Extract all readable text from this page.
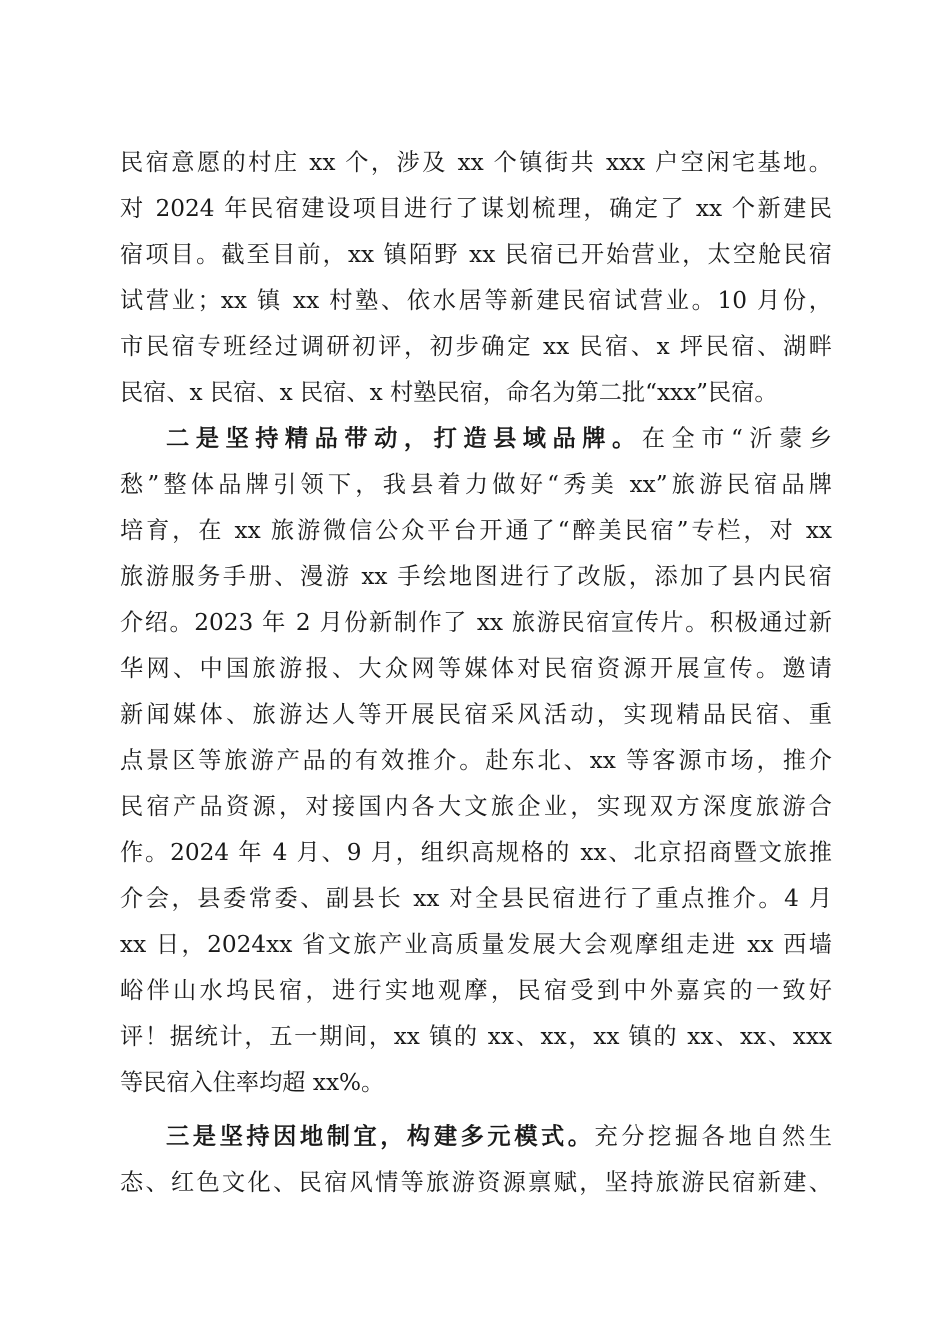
民宿意愿的村庄 xx 个，涉及 xx 个镇街共 xxx 户空闲宅基地。
对 2024 年民宿建设项目进行了谋划梳理，确定了 xx 个新建民
宿项目。截至目前，xx 镇陌野 xx 民宿已开始营业，太空舱民宿
试营业；xx 镇 xx 村塾、依水居等新建民宿试营业。10 月份，
市民宿专班经过调研初评，初步确定 xx 民宿、x 坪民宿、湖畔
民宿、x 民宿、x 民宿、x 村塾民宿，命名为第二批“xxx”民宿。
二是坚持精品带动，打造县域品牌。在全市“沂蒙乡
愁”整体品牌引领下，我县着力做好“秀美 xx”旅游民宿品牌
培育，在 xx 旅游微信公众平台开通了“醉美民宿”专栏，对 xx
旅游服务手册、漫游 xx 手绘地图进行了改版，添加了县内民宿
介绍。2023 年 2 月份新制作了 xx 旅游民宿宣传片。积极通过新
华网、中国旅游报、大众网等媒体对民宿资源开展宣传。邀请
新闻媒体、旅游达人等开展民宿采风活动，实现精品民宿、重
点景区等旅游产品的有效推介。赴东北、xx 等客源市场，推介
民宿产品资源，对接国内各大文旅企业，实现双方深度旅游合
作。2024 年 4 月、9 月，组织高规格的 xx、北京招商暨文旅推
介会，县委常委、副县长 xx 对全县民宿进行了重点推介。4 月
xx 日，2024xx 省文旅产业高质量发展大会观摩组走进 xx 西墙
峪伴山水坞民宿，进行实地观摩，民宿受到中外嘉宾的一致好
评！据统计，五一期间，xx 镇的 xx、xx，xx 镇的 xx、xx、xxx
等民宿入住率均超 xx%。
三是坚持因地制宜，构建多元模式。充分挖掘各地自然生
态、红色文化、民宿风情等旅游资源禀赋，坚持旅游民宿新建、
